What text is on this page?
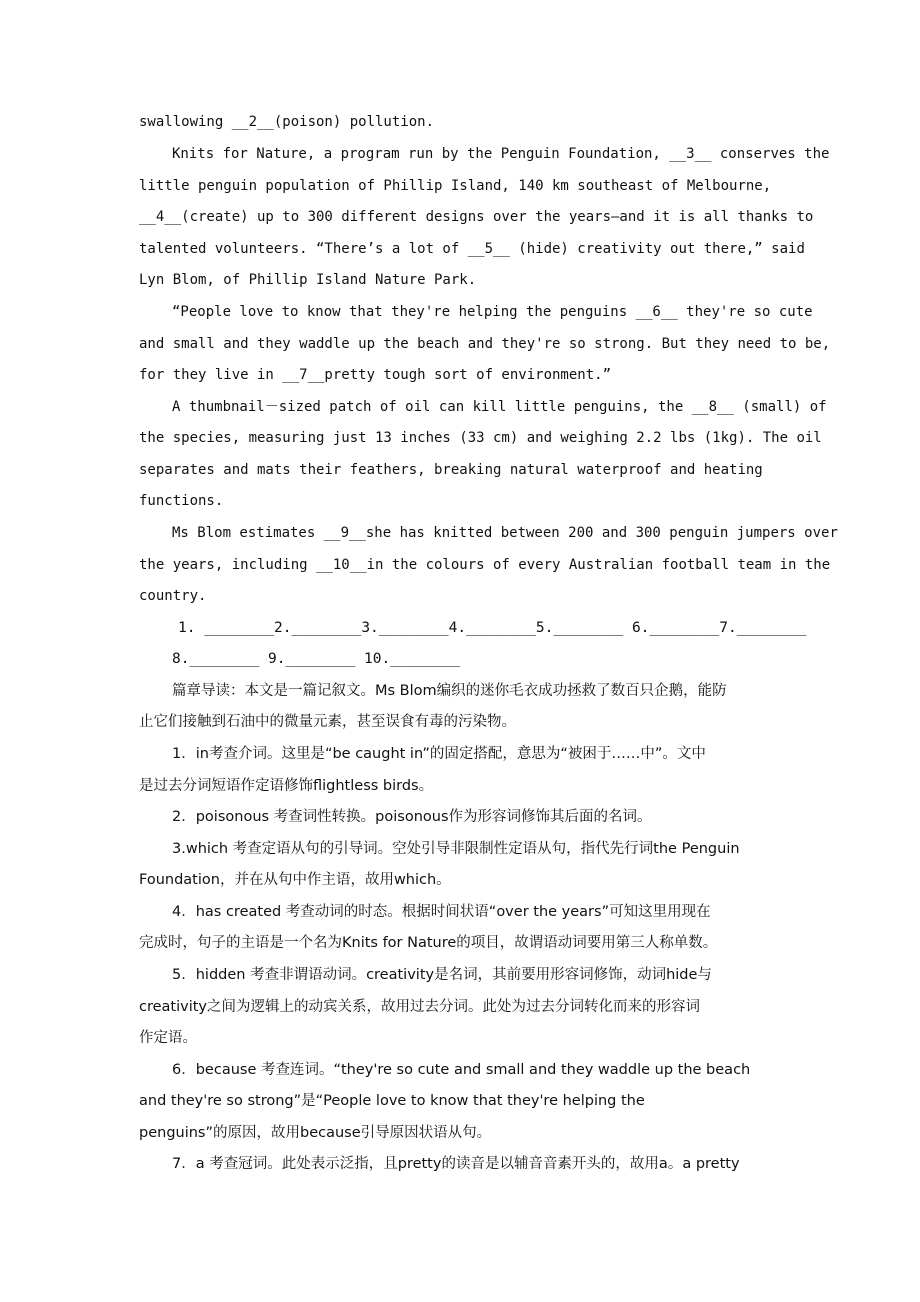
swallowing __2__(poison) pollution.
Knits for Nature, a program run by the Penguin Foundation, __3__ conserves the
little penguin population of Phillip Island, 140 km southeast of Melbourne,
__4__(create) up to 300 different designs over the years—and it is all thanks to
talented volunteers. “There’s a lot of __5__ (hide) creativity out there,” said
Lyn Blom, of Phillip Island Nature Park.
“People love to know that they're helping the penguins __6__ they're so cute
and small and they waddle up the beach and they're so strong. But they need to be,
for they live in __7__pretty tough sort of environment.”
A thumbnail－sized patch of oil can kill little penguins, the __8__ (small) of
the species, measuring just 13 inches (33 cm) and weighing 2.2 lbs (1kg). The oil
separates and mats their feathers, breaking natural waterproof and heating
functions.
Ms Blom estimates __9__she has knitted between 200 and 300 penguin jumpers over
the years, including __10__in the colours of every Australian football team in the
country.
1. ________2.________3.________4.________5.________ 6.________7.________
8.________ 9.________ 10.________
篇章导读：本文是一篇记叙文。Ms Blom编织的迷你毛衣成功拯救了数百只企鹅，能防
止它们接触到石油中的微量元素，甚至误食有毒的污染物。
1．in考查介词。这里是“be caught in”的固定搭配，意思为“被困于……中”。文中
是过去分词短语作定语修饰flightless birds。
2．poisonous 考查词性转换。poisonous作为形容词修饰其后面的名词。
3.which 考查定语从句的引导词。空处引导非限制性定语从句，指代先行词the Penguin
Foundation，并在从句中作主语，故用which。
4．has created 考查动词的时态。根据时间状语“over the years”可知这里用现在
完成时，句子的主语是一个名为Knits for Nature的项目，故谓语动词要用第三人称单数。
5．hidden 考查非谓语动词。creativity是名词，其前要用形容词修饰，动词hide与
creativity之间为逻辑上的动宾关系，故用过去分词。此处为过去分词转化而来的形容词
作定语。
6．because 考查连词。“they're so cute and small and they waddle up the beach
and they're so strong”是“People love to know that they're helping the
penguins”的原因，故用because引导原因状语从句。
7．a 考查冠词。此处表示泛指，且pretty的读音是以辅音音素开头的，故用a。a pretty
